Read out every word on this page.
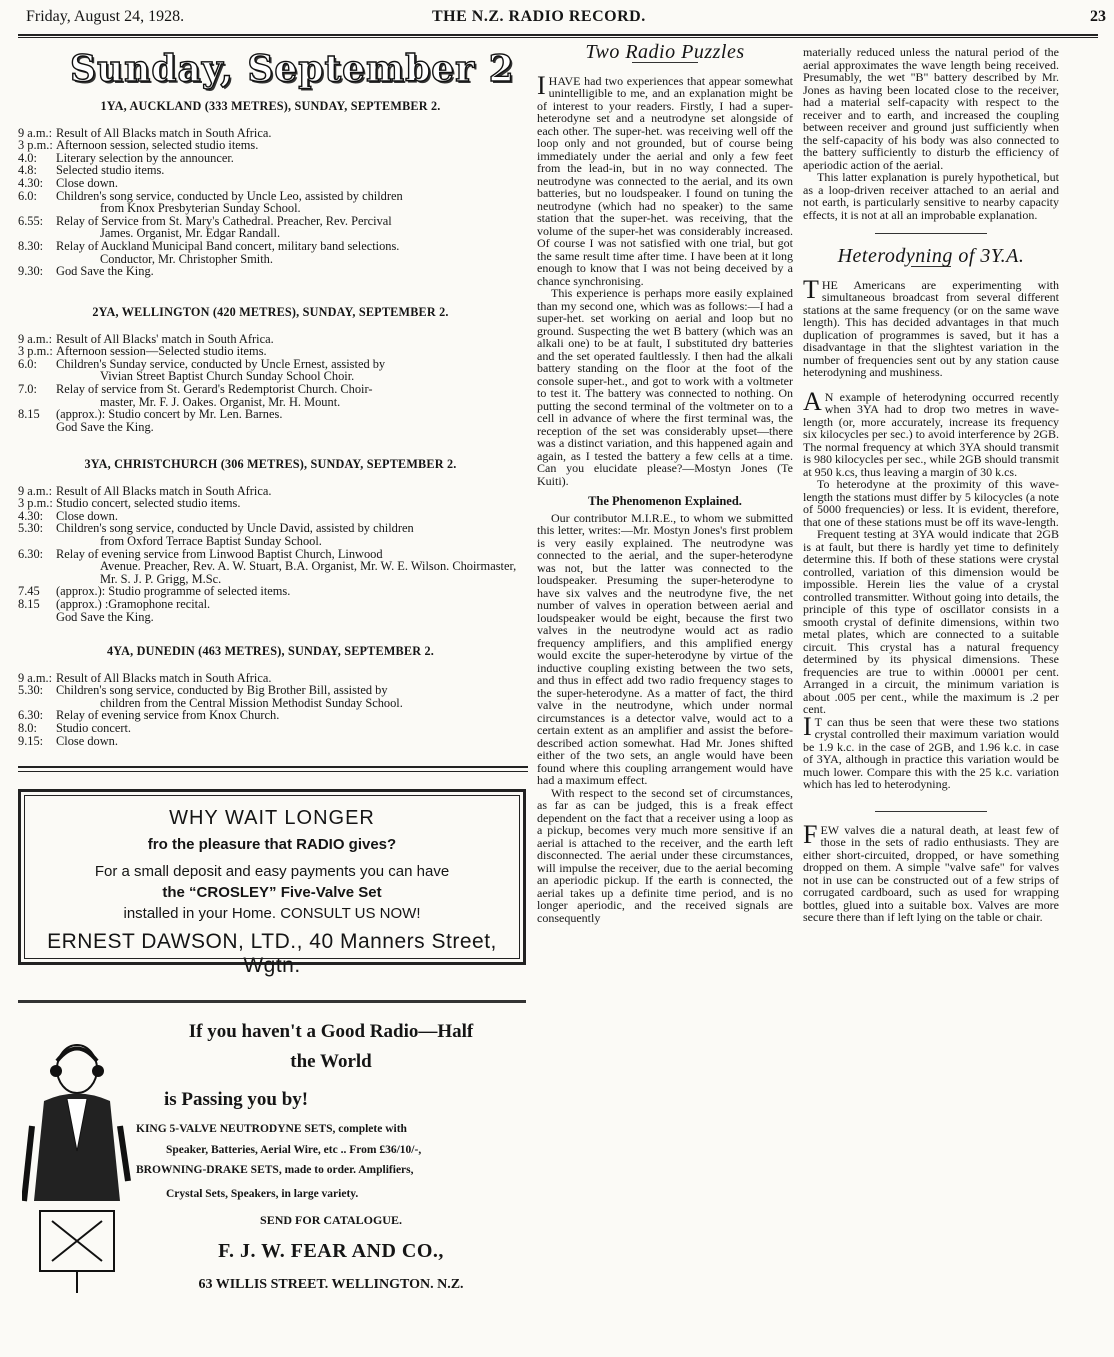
Friday, August 24, 1928.	THE N.Z. RADIO RECORD.	23
Sunday, September 2
1YA, AUCKLAND (333 METRES), SUNDAY, SEPTEMBER 2.
9 a.m.: Result of All Blacks match in South Africa.
3 p.m.: Afternoon session, selected studio items.
4.0:	Literary selection by the announcer.
4.8:	Selected studio items.
4.30:	Close down.
6.0:	Children's song service, conducted by Uncle Leo, assisted by children
from Knox Presbyterian Sunday School.
6.55:	Relay of Service from St. Mary's Cathedral. Preacher, Rev. Percival
James. Organist, Mr. Edgar Randall.
8.30:	Relay of Auckland Municipal Band concert, military band selections.
Conductor, Mr. Christopher Smith.
9.30:	God Save the King.
2YA, WELLINGTON (420 METRES), SUNDAY, SEPTEMBER 2.
9 a.m.: Result of All Blacks' match in South Africa.
3 p.m.: Afternoon session—Selected studio items.
6.0:	Children's Sunday service, conducted by Uncle Ernest, assisted by
Vivian Street Baptist Church Sunday School Choir.
7.0:	Relay of service from St. Gerard's Redemptorist Church. Choir-
master, Mr. F. J. Oakes. Organist, Mr. H. Mount.
8.15	(approx.): Studio concert by Mr. Len. Barnes.
God Save the King.
3YA, CHRISTCHURCH (306 METRES), SUNDAY, SEPTEMBER 2.
9 a.m.: Result of All Blacks match in South Africa.
3 p.m.: Studio concert, selected studio items.
4.30:	Close down.
5.30:	Children's song service, conducted by Uncle David, assisted by children
from Oxford Terrace Baptist Sunday School.
6.30:	Relay of evening service from Linwood Baptist Church, Linwood
Avenue. Preacher, Rev. A. W. Stuart, B.A. Organist, Mr. W. E. Wilson. Choirmaster, Mr. S. J. P. Grigg, M.Sc.
7.45	(approx.): Studio programme of selected items.
8.15	(approx.) :Gramophone recital.
God Save the King.
4YA, DUNEDIN (463 METRES), SUNDAY, SEPTEMBER 2.
9 a.m.: Result of All Blacks match in South Africa.
5.30:	Children's song service, conducted by Big Brother Bill, assisted by
children from the Central Mission Methodist Sunday School.
6.30:	Relay of evening service from Knox Church.
8.0:	Studio concert.
9.15:	Close down.
WHY WAIT LONGER
fro the pleasure that RADIO gives?
For a small deposit and easy payments you can have
the “CROSLEY” Five-Valve Set
installed in your Home. CONSULT US NOW!
ERNEST DAWSON, LTD., 40 Manners Street, Wgtn.
If you haven't a Good Radio—Half
the World
is Passing you by!
KING 5-VALVE NEUTRODYNE SETS, complete with
Speaker, Batteries, Aerial Wire, etc .. From £36/10/-,
BROWNING-DRAKE SETS, made to order. Amplifiers,
Crystal Sets, Speakers, in large variety.
SEND FOR CATALOGUE.
F. J. W. FEAR AND CO.,
63 WILLIS STREET. WELLINGTON. N.Z.
Two Radio Puzzles

I HAVE had two experiences that appear somewhat unintelligible to me, and an explanation might be of interest to your readers. Firstly, I had a super-heterodyne set and a neutrodyne set alongside of each other. The super-het. was receiving well off the loop only and not grounded, but of course being immediately under the aerial and only a few feet from the lead-in, but in no way connected. The neutrodyne was connected to the aerial, and its own batteries, but no loudspeaker. I found on tuning the neutrodyne (which had no speaker) to the same station that the super-het. was receiving, that the volume of the super-het was considerably increased. Of course I was not satisfied with one trial, but got the same result time after time. I have been at it long enough to know that I was not being deceived by a chance synchronising.

This experience is perhaps more easily explained than my second one, which was as follows:—I had a super-het. set working on aerial and loop but no ground. Suspecting the wet B battery (which was an alkali one) to be at fault, I substituted dry batteries and the set operated faultlessly. I then had the alkali battery standing on the floor at the foot of the console super-het., and got to work with a voltmeter to test it. The battery was connected to nothing. On putting the second terminal of the voltmeter on to a cell in advance of where the first terminal was, the reception of the set was considerably upset—there was a distinct variation, and this happened again and again, as I tested the battery a few cells at a time. Can you elucidate please?—Mostyn Jones (Te Kuiti).

The Phenomenon Explained.

Our contributor M.I.R.E., to whom we submitted this letter, writes:—Mr. Mostyn Jones's first problem is very easily explained. The neutrodyne was connected to the aerial, and the super-heterodyne was not, but the latter was connected to the loudspeaker. Presuming the super-heterodyne to have six valves and the neutrodyne five, the net number of valves in operation between aerial and loudspeaker would be eight, because the first two valves in the neutrodyne would act as radio frequency amplifiers, and this amplified energy would excite the super-heterodyne by virtue of the inductive coupling existing between the two sets, and thus in effect add two radio frequency stages to the super-heterodyne. As a matter of fact, the third valve in the neutrodyne, which under normal circumstances is a detector valve, would act to a certain extent as an amplifier and assist the before-described action somewhat. Had Mr. Jones shifted either of the two sets, an angle would have been found where this coupling arrangement would have had a maximum effect.

With respect to the second set of circumstances, as far as can be judged, this is a freak effect dependent on the fact that a receiver using a loop as a pickup, becomes very much more sensitive if an aerial is attached to the receiver, and the earth left disconnected. The aerial under these circumstances, will impulse the receiver, due to the aerial becoming an aperiodic pickup. If the earth is connected, the aerial takes up a definite time period, and is no longer aperiodic, and the received signals are consequently

materially reduced unless the natural period of the aerial approximates the wave length being received. Presumably, the wet "B" battery described by Mr. Jones as having been located close to the receiver, had a material self-capacity with respect to the receiver and to earth, and increased the coupling between receiver and ground just sufficiently when the self-capacity of his body was also connected to the battery sufficiently to disturb the efficiency of aperiodic action of the aerial.

This latter explanation is purely hypothetical, but as a loop-driven receiver attached to an aerial and not earth, is particularly sensitive to nearby capacity effects, it is not at all an improbable explanation.

Heterodyning of 3Y.A.

THE Americans are experimenting with simultaneous broadcast from several different stations at the same frequency (or on the same wave length). This has decided advantages in that much duplication of programmes is saved, but it has a disadvantage in that the slightest variation in the number of frequencies sent out by any station cause heterodyning and mushiness.

A N example of heterodyning occurred recently when 3YA had to drop two metres in wave-length (or, more accurately, increase its frequency six kilocycles per sec.) to avoid interference by 2GB. The normal frequency at which 3YA should transmit is 980 kilocycles per sec., while 2GB should transmit at 950 k.cs, thus leaving a margin of 30 k.cs.

To heterodyne at the proximity of this wave-length the stations must differ by 5 kilocycles (a note of 5000 frequencies) or less. It is evident, therefore, that one of these stations must be off its wave-length.

Frequent testing at 3YA would indicate that 2GB is at fault, but there is hardly yet time to definitely determine this. If both of these stations were crystal controlled, variation of this dimension would be impossible. Herein lies the value of a crystal controlled transmitter. Without going into details, the principle of this type of oscillator consists in a smooth crystal of definite dimensions, within two metal plates, which are connected to a suitable circuit. This crystal has a natural frequency determined by its physical dimensions. These frequencies are true to within .00001 per cent. Arranged in a circuit, the minimum variation is about .005 per cent., while the maximum is .2 per cent.

I T can thus be seen that were these two stations crystal controlled their maximum variation would be 1.9 k.c. in the case of 2GB, and 1.96 k.c. in case of 3YA, although in practice this variation would be much lower. Compare this with the 25 k.c. variation which has led to heterodyning.

FEW valves die a natural death, at least few of those in the sets of radio enthusiasts. They are either short-circuited, dropped, or have something dropped on them. A simple "valve safe" for valves not in use can be constructed out of a few strips of corrugated cardboard, such as used for wrapping bottles, glued into a suitable box. Valves are more secure there than if left lying on the table or chair.
